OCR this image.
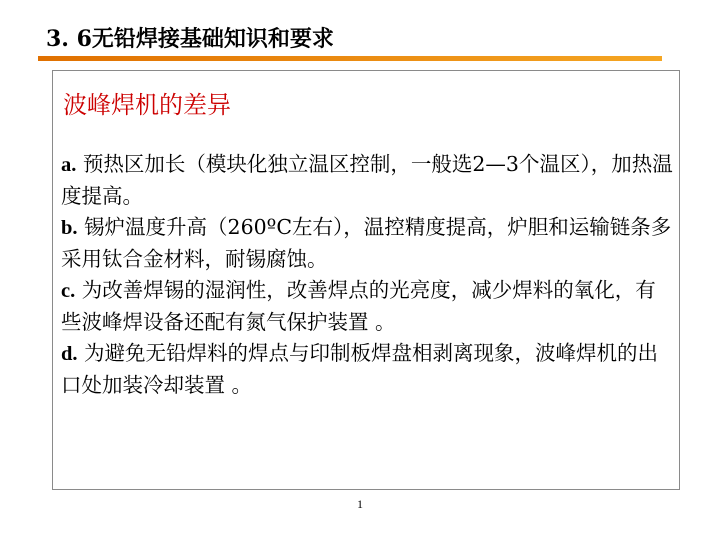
3. 6无铅焊接基础知识和要求
波峰焊机的差异

a. 预热区加长（模块化独立温区控制，一般选2—3个温区），加热温度提高。

b. 锡炉温度升高（260ºC左右），温控精度提高，炉胆和运输链条多采用钛合金材料，耐锡腐蚀。

c. 为改善焊锡的湿润性，改善焊点的光亮度，减少焊料的氧化，有些波峰焊设备还配有氮气保护装置 。

d. 为避免无铅焊料的焊点与印制板焊盘相剥离现象，波峰焊机的出口处加装冷却装置 。

1
